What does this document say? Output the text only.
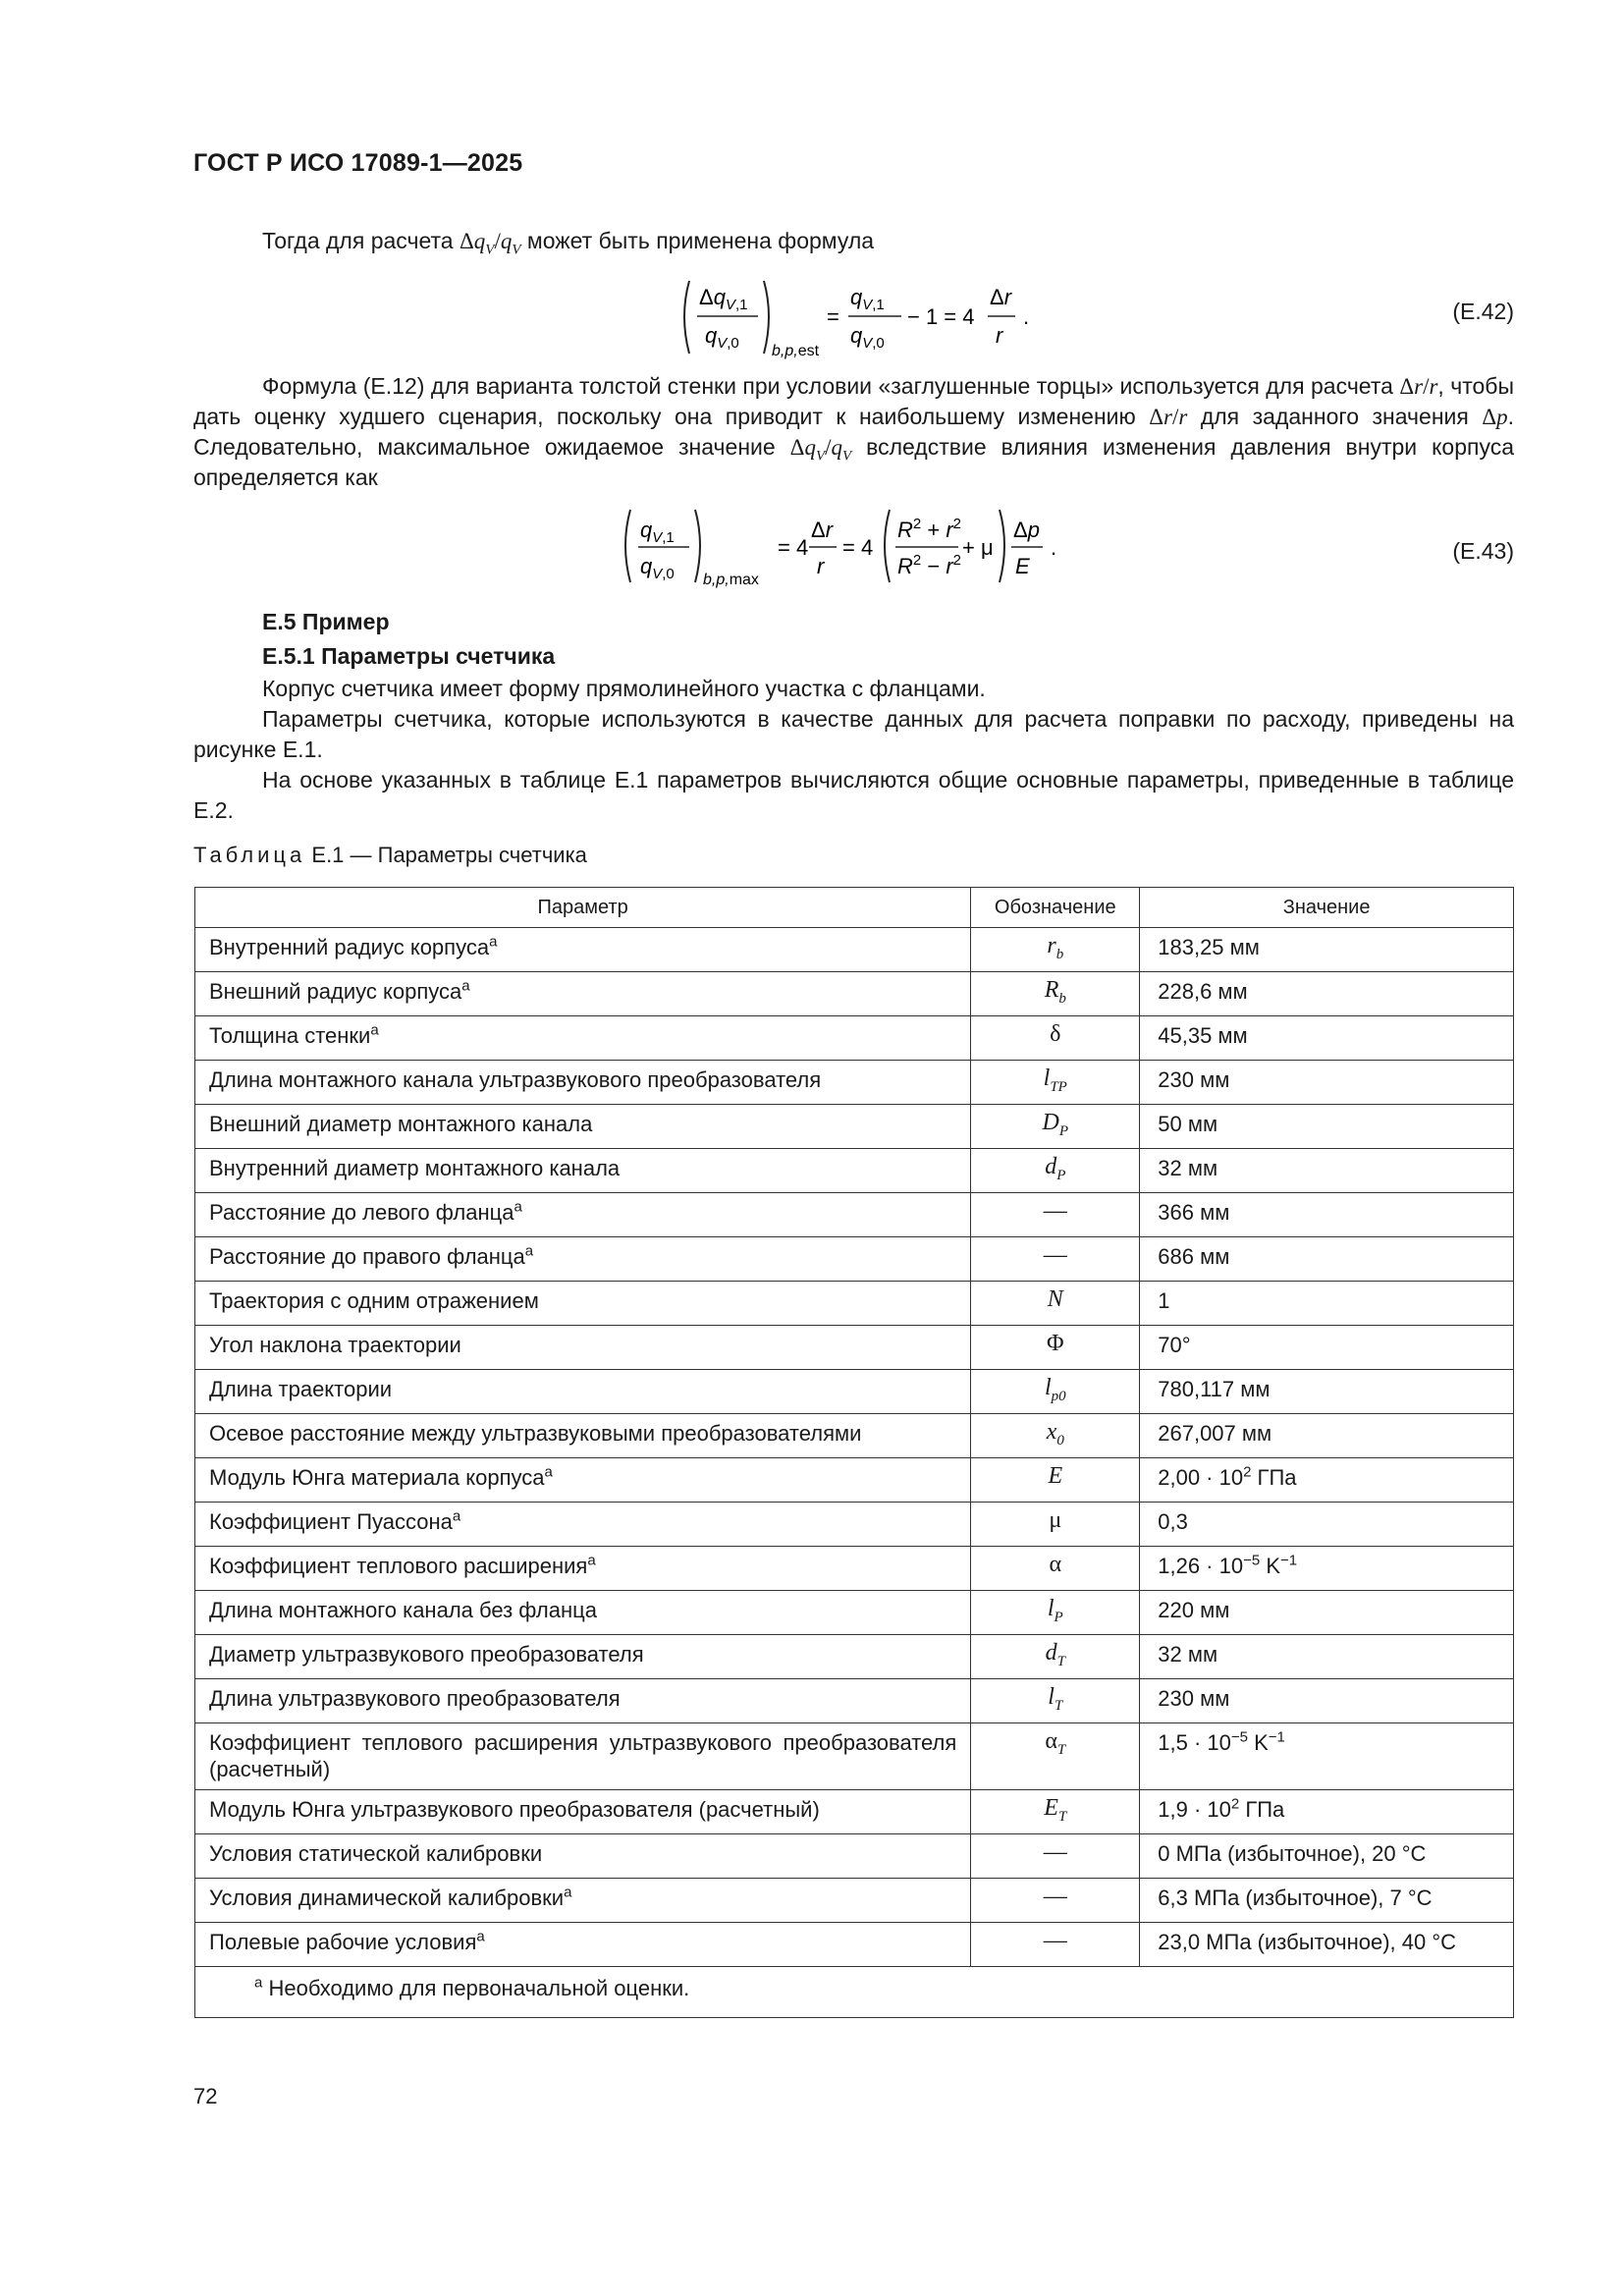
ГОСТ Р ИСО 17089-1—2025
Тогда для расчета $\Delta q_V/q_V$ может быть применена формула
$\Delta q_V,1$
$q_V,0$ b,p,est
=
$q_V,1$
$q_V,0$
− 1 = 4
Δr
r
.	(E.42)
Формула (E.12) для варианта толстой стенки при условии «заглушенные торцы» используется для расчета Δr/r, чтобы дать оценку худшего сценария, поскольку она приводит к наибольшему изменению Δr/r для заданного значения Δp. Следовательно, максимальное ожидаемое значение $\Delta q_V/q_V$ вследствие влияния изменения давления внутри корпуса определяется как
$q_V,1$
$q_V,0$ b,p,max
= 4
Δr
r
= 4
$R^2 + r^2$
$R^2 - r^2$
+ μ
Δp
E
.	(E.43)
Е.5 Пример
Е.5.1 Параметры счетчика
Корпус счетчика имеет форму прямолинейного участка с фланцами.
Параметры счетчика, которые используются в качестве данных для расчета поправки по расходу, приведены на рисунке Е.1.
На основе указанных в таблице Е.1 параметров вычисляются общие основные параметры, приведенные в таблице Е.2.
Таблица Е.1 — Параметры счетчика
Параметр	Обозначение	Значение
Внутренний радиус корпуса$^a$	$r_b$	183,25 мм
Внешний радиус корпуса$^a$	$R_b$	228,6 мм
Толщина стенки$^a$	δ	45,35 мм
Длина монтажного канала ультразвукового преобразователя	$l_{TP}$	230 мм
Внешний диаметр монтажного канала	$D_P$	50 мм
Внутренний диаметр монтажного канала	$d_P$	32 мм
Расстояние до левого фланца$^a$	—	366 мм
Расстояние до правого фланца$^a$	—	686 мм
Траектория с одним отражением	N	1
Угол наклона траектории	Φ	70°
Длина траектории	$l_{p0}$	780,117 мм
Осевое расстояние между ультразвуковыми преобразователями	$x_0$	267,007 мм
Модуль Юнга материала корпуса$^a$	E	$2,00 \cdot 10^2$ ГПа
Коэффициент Пуассона$^a$	μ	0,3
Коэффициент теплового расширения$^a$	α	$1,26 \cdot 10^{-5}$ $K^{-1}$
Длина монтажного канала без фланца	$l_P$	220 мм
Диаметр ультразвукового преобразователя	$d_T$	32 мм
Длина ультразвукового преобразователя	$l_T$	230 мм
Коэффициент теплового расширения ультразвукового преобразователя (расчетный)	$\alpha_T$	$1,5 \cdot 10^{-5}$ $K^{-1}$
Модуль Юнга ультразвукового преобразователя (расчетный)	$E_T$	$1,9 \cdot 10^2$ ГПа
Условия статической калибровки	—	0 МПа (избыточное), 20 °C
Условия динамической калибровки$^a$	—	6,3 МПа (избыточное), 7 °C
Полевые рабочие условия$^a$	—	23,0 МПа (избыточное), 40 °C
$^a$ Необходимо для первоначальной оценки.		
72
